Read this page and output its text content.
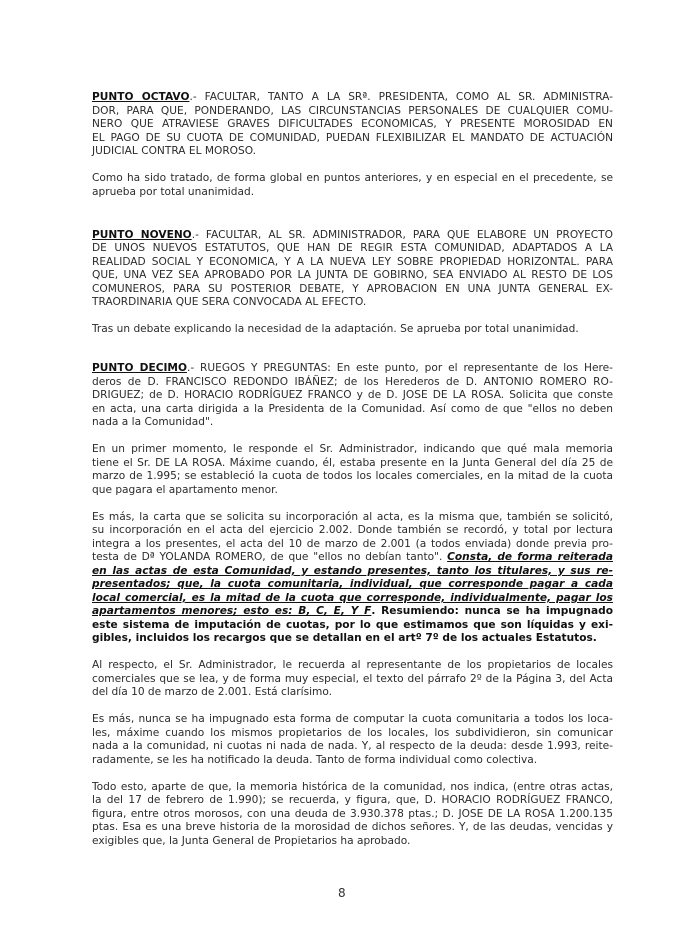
PUNTO OCTAVO.- FACULTAR, TANTO A LA SRª. PRESIDENTA, COMO AL SR. ADMINISTRA-
DOR, PARA QUE, PONDERANDO, LAS CIRCUNSTANCIAS PERSONALES DE CUALQUIER COMU-
NERO QUE ATRAVIESE GRAVES DIFICULTADES ECONOMICAS, Y PRESENTE MOROSIDAD EN
EL PAGO DE SU CUOTA DE COMUNIDAD, PUEDAN FLEXIBILIZAR EL MANDATO DE ACTUACIÓN
JUDICIAL CONTRA EL MOROSO.
Como ha sido tratado, de forma global en puntos anteriores, y en especial en el precedente, se
aprueba por total unanimidad.
PUNTO NOVENO.- FACULTAR, AL SR. ADMINISTRADOR, PARA QUE ELABORE UN PROYECTO
DE UNOS NUEVOS ESTATUTOS, QUE HAN DE REGIR ESTA COMUNIDAD, ADAPTADOS A LA
REALIDAD SOCIAL Y ECONOMICA, Y A LA NUEVA LEY SOBRE PROPIEDAD HORIZONTAL. PARA
QUE, UNA VEZ SEA APROBADO POR LA JUNTA DE GOBIRNO, SEA ENVIADO AL RESTO DE LOS
COMUNEROS, PARA SU POSTERIOR DEBATE, Y APROBACION EN UNA JUNTA GENERAL EX-
TRAORDINARIA QUE SERA CONVOCADA AL EFECTO.
Tras un debate explicando la necesidad de la adaptación. Se aprueba por total unanimidad.
PUNTO DECIMO.- RUEGOS Y PREGUNTAS: En este punto, por el representante de los Here-
deros de D. FRANCISCO REDONDO IBÁÑEZ; de los Herederos de D. ANTONIO ROMERO RO-
DRIGUEZ; de D. HORACIO RODRÍGUEZ FRANCO y de D. JOSE DE LA ROSA. Solicita que conste
en acta, una carta dirigida a la Presidenta de la Comunidad. Así como de que "ellos no deben
nada a la Comunidad".
En un primer momento, le responde el Sr. Administrador, indicando que qué mala memoria
tiene el Sr. DE LA ROSA. Máxime cuando, él, estaba presente en la Junta General del día 25 de
marzo de 1.995; se estableció la cuota de todos los locales comerciales, en la mitad de la cuota
que pagara el apartamento menor.
Es más, la carta que se solicita su incorporación al acta, es la misma que, también se solicitó,
su incorporación en el acta del ejercicio 2.002. Donde también se recordó, y total por lectura
integra a los presentes, el acta del 10 de marzo de 2.001 (a todos enviada) donde previa pro-
testa de Dª YOLANDA ROMERO, de que "ellos no debían tanto". Consta, de forma reiterada
en las actas de esta Comunidad, y estando presentes, tanto los titulares, y sus re-
presentados; que, la cuota comunitaria, individual, que corresponde pagar a cada
local comercial, es la mitad de la cuota que corresponde, individualmente, pagar los
apartamentos menores; esto es: B, C, E, Y F. Resumiendo: nunca se ha impugnado
este sistema de imputación de cuotas, por lo que estimamos que son líquidas y exi-
gibles, incluidos los recargos que se detallan en el artº 7º de los actuales Estatutos.
Al respecto, el Sr. Administrador, le recuerda al representante de los propietarios de locales
comerciales que se lea, y de forma muy especial, el texto del párrafo 2º de la Página 3, del Acta
del día 10 de marzo de 2.001. Está clarísimo.
Es más, nunca se ha impugnado esta forma de computar la cuota comunitaria a todos los loca-
les, máxime cuando los mismos propietarios de los locales, los subdividieron, sin comunicar
nada a la comunidad, ni cuotas ni nada de nada. Y, al respecto de la deuda: desde 1.993, reite-
radamente, se les ha notificado la deuda. Tanto de forma individual como colectiva.
Todo esto, aparte de que, la memoria histórica de la comunidad, nos indica, (entre otras actas,
la del 17 de febrero de 1.990); se recuerda, y figura, que, D. HORACIO RODRÍGUEZ FRANCO,
figura, entre otros morosos, con una deuda de 3.930.378 ptas.; D. JOSE DE LA ROSA 1.200.135
ptas. Esa es una breve historia de la morosidad de dichos señores. Y, de las deudas, vencidas y
exigibles que, la Junta General de Propietarios ha aprobado.
8
